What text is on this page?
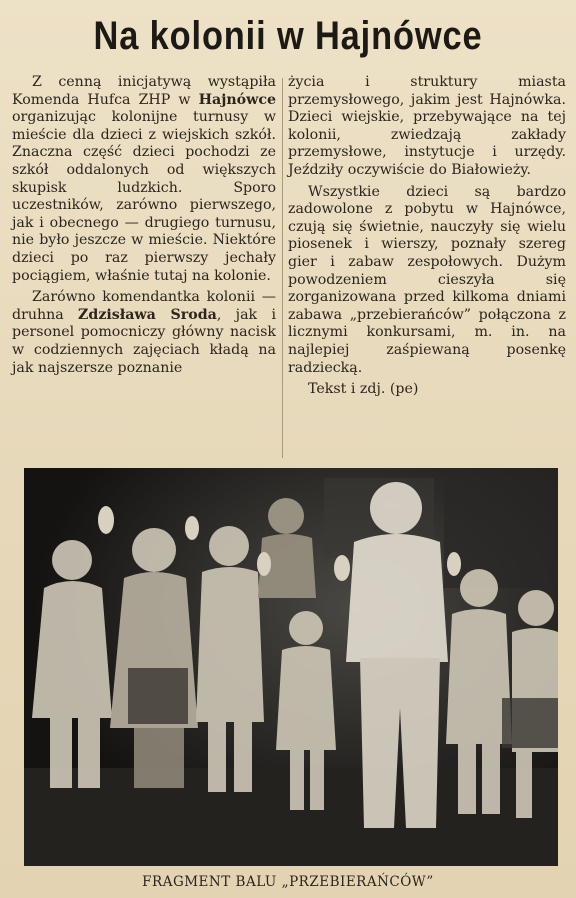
Na kolonii w Hajnówce

Z cenną inicjatywą wystąpiła Komenda Hufca ZHP w Hajnówce organizując kolonijne turnusy w mieście dla dzieci z wiejskich szkół. Znaczna część dzieci pochodzi ze szkół oddalonych od większych skupisk ludzkich. Sporo uczestników, zarówno pierwszego, jak i obecnego — drugiego turnusu, nie było jeszcze w mieście. Niektóre dzieci po raz pierwszy jechały pociągiem, właśnie tutaj na kolonie.

Zarówno komendantka kolonii — druhna Zdzisława Sroda, jak i personel pomocniczy główny nacisk w codziennych zajęciach kładą na jak najszersze poznanie

życia i struktury miasta przemysłowego, jakim jest Hajnówka. Dzieci wiejskie, przebywające na tej kolonii, zwiedzają zakłady przemysłowe, instytucje i urzędy. Jeździły oczywiście do Białowieży.

Wszystkie dzieci są bardzo zadowolone z pobytu w Hajnówce, czują się świetnie, nauczyły się wielu piosenek i wierszy, poznały szereg gier i zabaw zespołowych. Dużym powodzeniem cieszyła się zorganizowana przed kilkoma dniami zabawa „przebierańców” połączona z licznymi konkursami, m. in. na najlepiej zaśpiewaną posenkę radziecką.

Tekst i zdj. (pe)

FRAGMENT BALU „PRZEBIERAŃCÓW”
